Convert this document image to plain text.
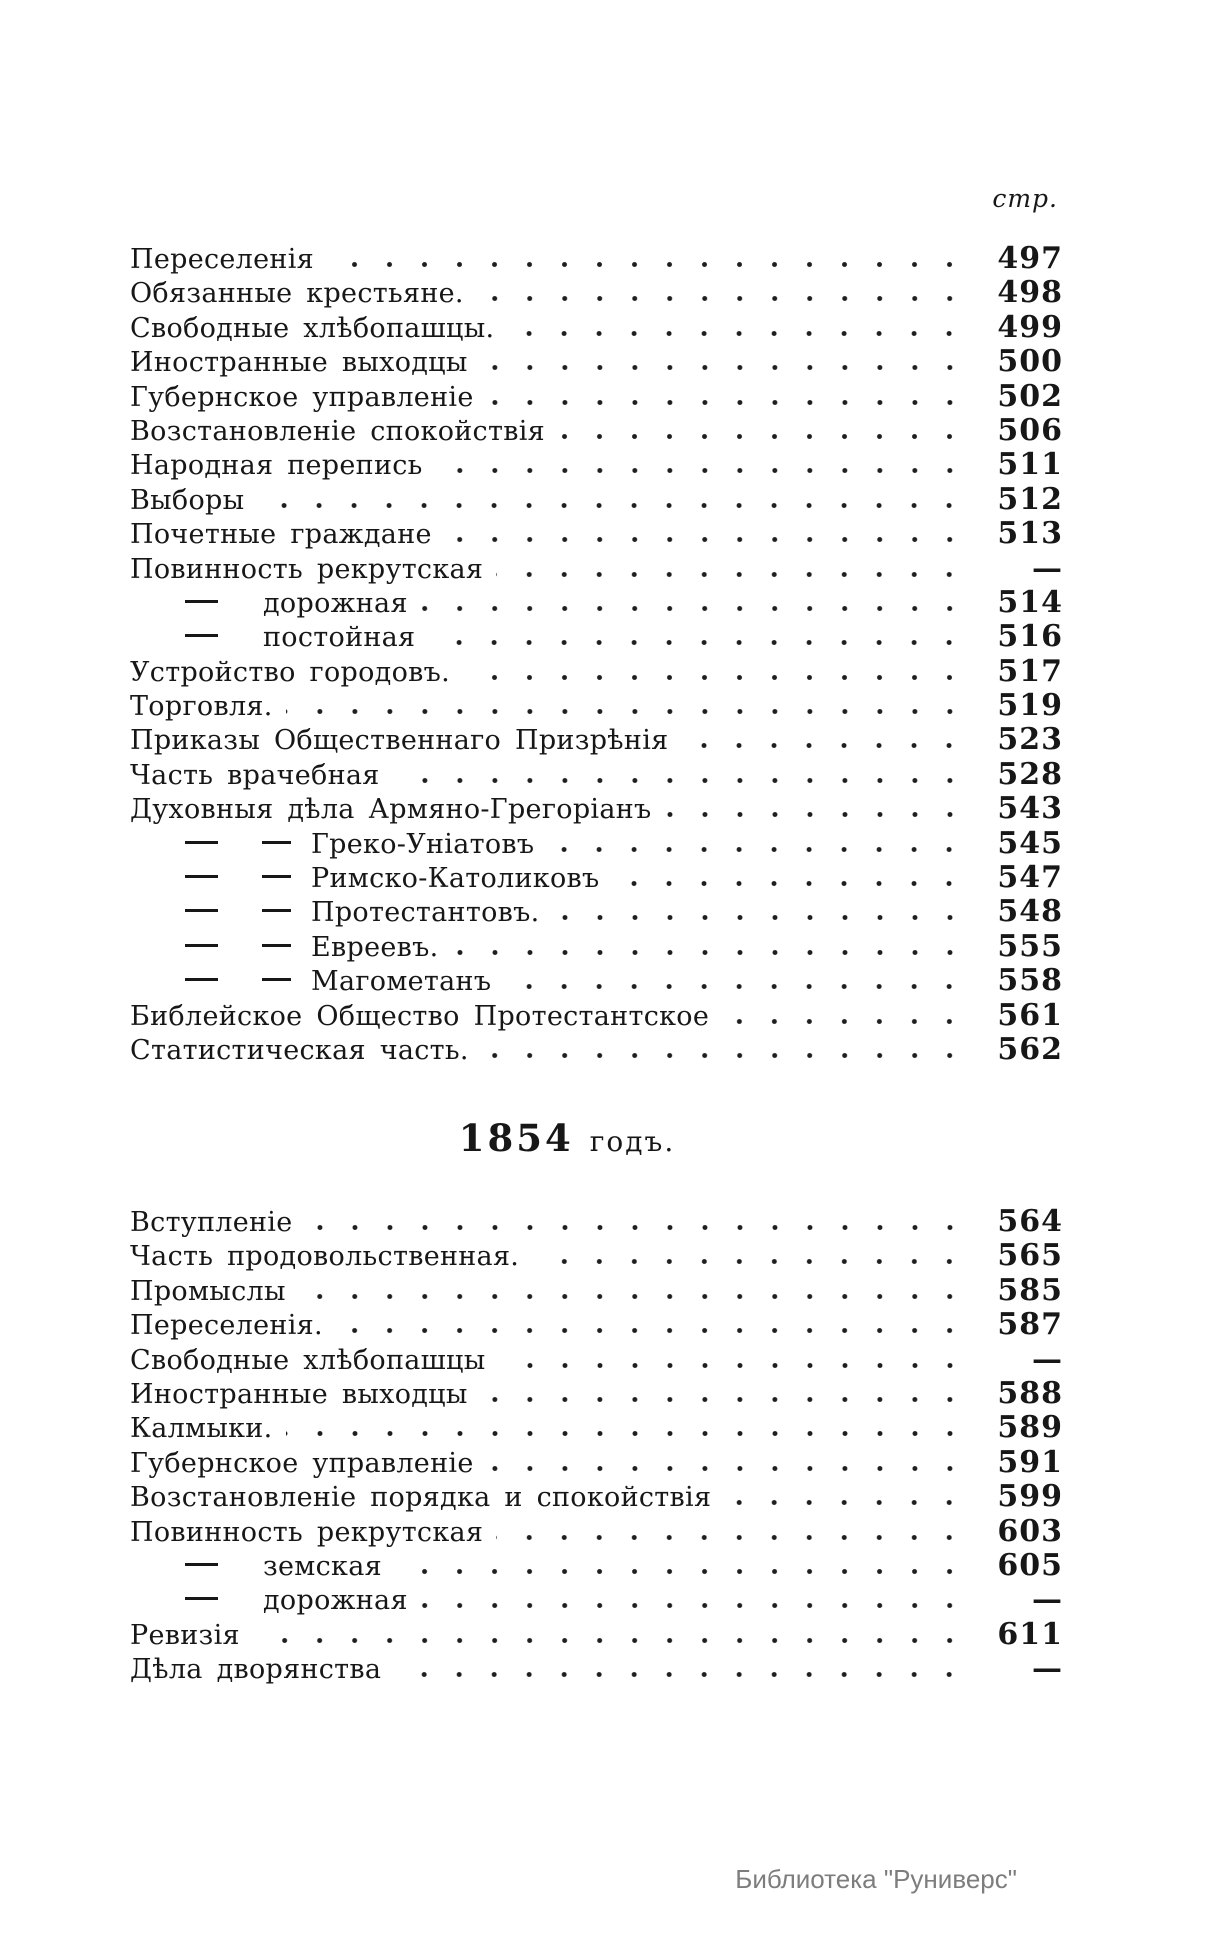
стр.
Переселенія	497
Обязанные крестьяне.	498
Свободные хлѣбопашцы.	499
Иностранные выходцы	500
Губернское управленіе	502
Возстановленіе спокойствія	506
Народная перепись	511
Выборы	512
Почетные граждане	513
Повинность рекрутская	—
дорожная	514
постойная	516
Устройство городовъ.	517
Торговля.	519
Приказы Общественнаго Призрѣнія	523
Часть врачебная	528
Духовныя дѣла Армяно-Грегоріанъ	543
Греко-Уніатовъ	545
Римско-Католиковъ	547
Протестантовъ.	548
Евреевъ.	555
Магометанъ	558
Библейское Общество Протестантское	561
Статистическая часть.	562
1854 годъ.
Вступленіе	564
Часть продовольственная.	565
Промыслы	585
Переселенія.	587
Свободные хлѣбопашцы	—
Иностранные выходцы	588
Калмыки.	589
Губернское управленіе	591
Возстановленіе порядка и спокойствія	599
Повинность рекрутская	603
земская	605
дорожная	—
Ревизія	611
Дѣла дворянства	—
Библиотека "Руниверс"
